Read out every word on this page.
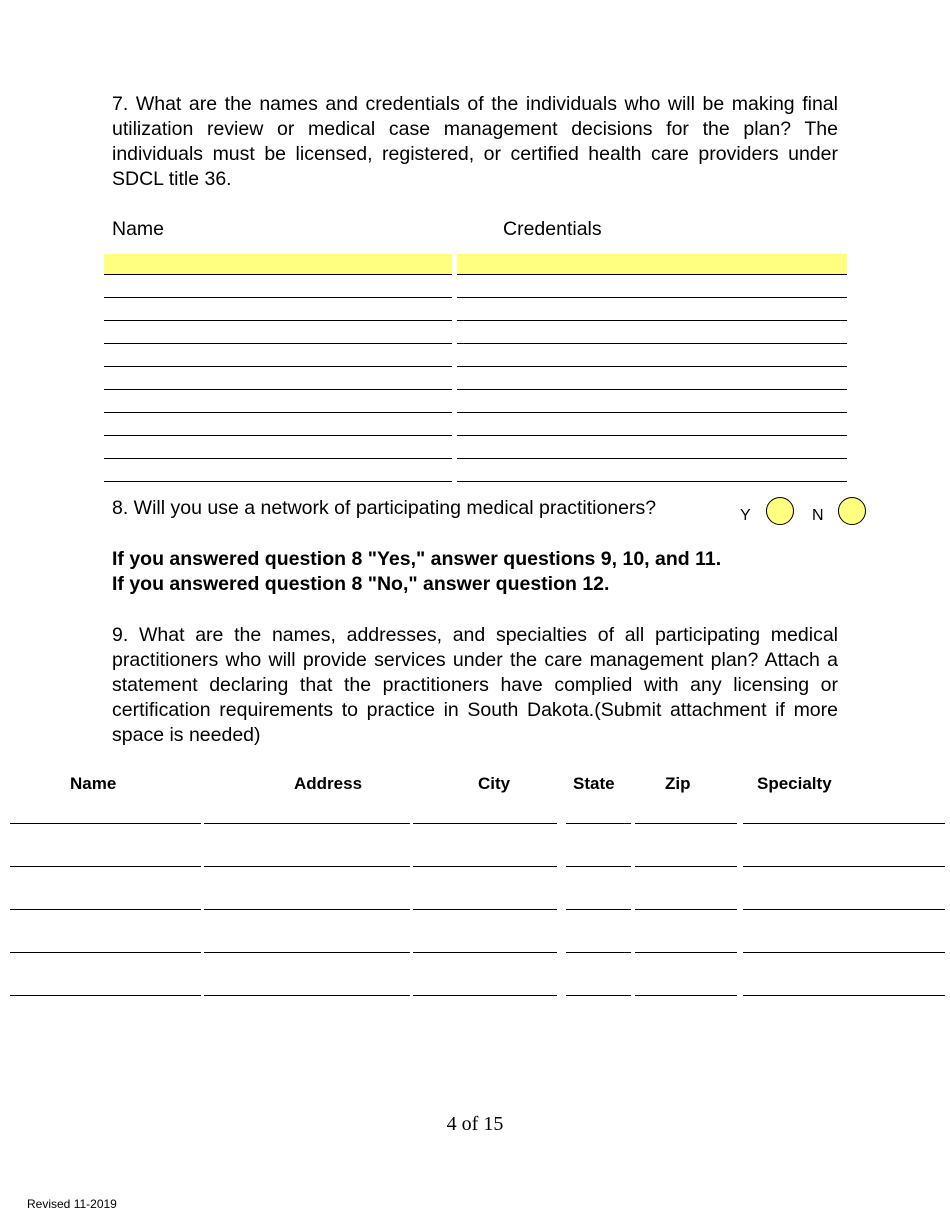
7. What are the names and credentials of the individuals who will be making final utilization review or medical case management decisions for the plan? The individuals must be licensed, registered, or certified health care providers under SDCL title 36.

Name	Credentials
8. Will you use a network of participating medical practitioners?	Y	N
If you answered question 8 "Yes," answer questions 9, 10, and 11.
If you answered question 8 "No," answer question 12.

9. What are the names, addresses, and specialties of all participating medical practitioners who will provide services under the care management plan? Attach a statement declaring that the practitioners have complied with any licensing or certification requirements to practice in South Dakota.(Submit attachment if more space is needed)

Name	Address	City	State	Zip	Specialty
4 of 15
Revised 11-2019
